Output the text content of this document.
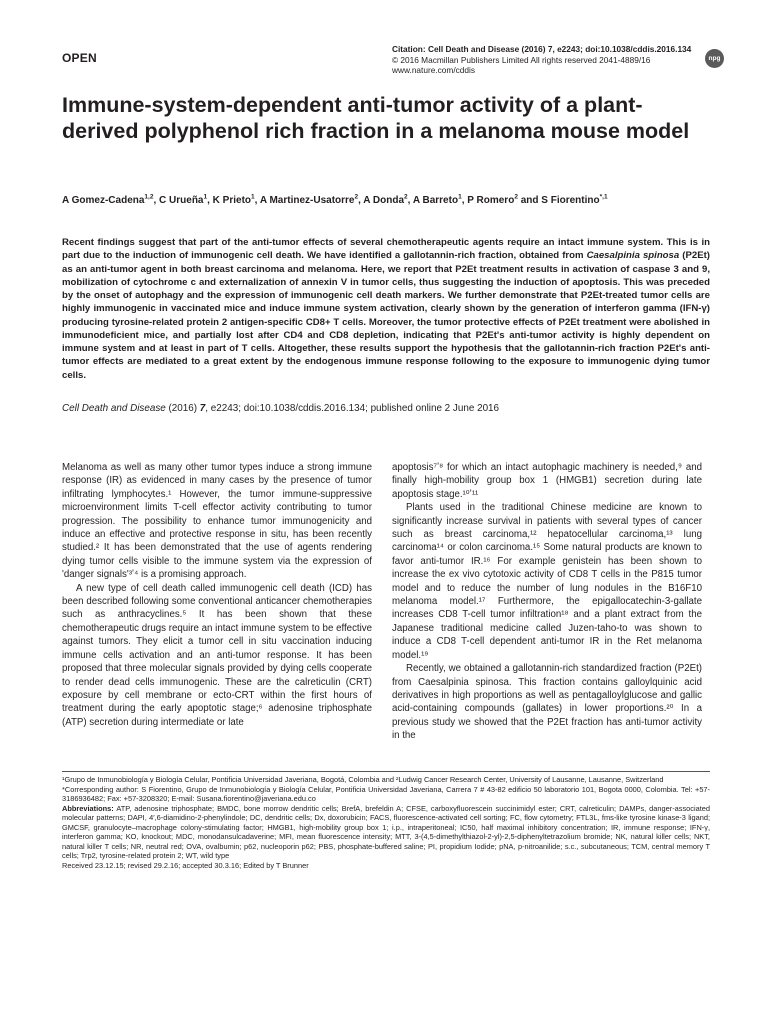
OPEN
Citation: Cell Death and Disease (2016) 7, e2243; doi:10.1038/cddis.2016.134
© 2016 Macmillan Publishers Limited All rights reserved 2041-4889/16
www.nature.com/cddis
npg
Immune-system-dependent anti-tumor activity of a plant-derived polyphenol rich fraction in a melanoma mouse model
A Gomez-Cadena$^{1,2}$, C Urueña$^1$, K Prieto$^1$, A Martinez-Usatorre$^2$, A Donda$^2$, A Barreto$^1$, P Romero$^2$ and S Fiorentino$^{*,1}$
Recent findings suggest that part of the anti-tumor effects of several chemotherapeutic agents require an intact immune system. This is in part due to the induction of immunogenic cell death. We have identified a gallotannin-rich fraction, obtained from Caesalpinia spinosa (P2Et) as an anti-tumor agent in both breast carcinoma and melanoma. Here, we report that P2Et treatment results in activation of caspase 3 and 9, mobilization of cytochrome c and externalization of annexin V in tumor cells, thus suggesting the induction of apoptosis. This was preceded by the onset of autophagy and the expression of immunogenic cell death markers. We further demonstrate that P2Et-treated tumor cells are highly immunogenic in vaccinated mice and induce immune system activation, clearly shown by the generation of interferon gamma (IFN-γ) producing tyrosine-related protein 2 antigen-specific CD8+ T cells. Moreover, the tumor protective effects of P2Et treatment were abolished in immunodeficient mice, and partially lost after CD4 and CD8 depletion, indicating that P2Et's anti-tumor activity is highly dependent on immune system and at least in part of T cells. Altogether, these results support the hypothesis that the gallotannin-rich fraction P2Et's anti-tumor effects are mediated to a great extent by the endogenous immune response following to the exposure to immunogenic dying tumor cells.
Cell Death and Disease (2016) 7, e2243; doi:10.1038/cddis.2016.134; published online 2 June 2016

Melanoma as well as many other tumor types induce a strong immune response (IR) as evidenced in many cases by the presence of tumor infiltrating lymphocytes.¹ However, the tumor immune-suppressive microenvironment limits T-cell effector activity contributing to tumor progression. The possibility to enhance tumor immunogenicity and induce an effective and protective response in situ, has been recently studied.² It has been demonstrated that the use of agents rendering dying tumor cells visible to the immune system via the expression of 'danger signals'³ʼ⁴ is a promising approach.

A new type of cell death called immunogenic cell death (ICD) has been described following some conventional anticancer chemotherapies such as anthracyclines.⁵ It has been shown that these chemotherapeutic drugs require an intact immune system to be effective against tumors. They elicit a tumor cell in situ vaccination inducing immune cells activation and an anti-tumor response. It has been proposed that three molecular signals provided by dying cells cooperate to render dead cells immunogenic. These are the calreticulin (CRT) exposure by cell membrane or ecto-CRT within the first hours of treatment during the early apoptotic stage;⁶ adenosine triphosphate (ATP) secretion during intermediate or late

apoptosis⁷ʼ⁸ for which an intact autophagic machinery is needed,⁹ and finally high-mobility group box 1 (HMGB1) secretion during late apoptosis stage.¹⁰ʼ¹¹

Plants used in the traditional Chinese medicine are known to significantly increase survival in patients with several types of cancer such as breast carcinoma,¹² hepatocellular carcinoma,¹³ lung carcinoma¹⁴ or colon carcinoma.¹⁵ Some natural products are known to favor anti-tumor IR.¹⁶ For example genistein has been shown to increase the ex vivo cytotoxic activity of CD8 T cells in the P815 tumor model and to reduce the number of lung nodules in the B16F10 melanoma model.¹⁷ Furthermore, the epigallocatechin-3-gallate increases CD8 T-cell tumor infiltration¹⁸ and a plant extract from the Japanese traditional medicine called Juzen-taho-to was shown to induce a CD8 T-cell dependent anti-tumor IR in the Ret melanoma model.¹⁹

Recently, we obtained a gallotannin-rich standardized fraction (P2Et) from Caesalpinia spinosa. This fraction contains galloylquinic acid derivatives in high proportions as well as pentagalloylglucose and gallic acid-containing compounds (gallates) in lower proportions.²⁰ In a previous study we showed that the P2Et fraction has anti-tumor activity in the

¹Grupo de Inmunobiología y Biología Celular, Pontificia Universidad Javeriana, Bogotá, Colombia and ²Ludwig Cancer Research Center, University of Lausanne, Lausanne, Switzerland

*Corresponding author: S Fiorentino, Grupo de Inmunobiología y Biología Celular, Pontificia Universidad Javeriana, Carrera 7 # 43-82 edificio 50 laboratorio 101, Bogota 0000, Colombia. Tel: +57-3186936482; Fax: +57-3208320; E-mail: Susana.fiorentino@javeriana.edu.co

Abbreviations: ATP, adenosine triphosphate; BMDC, bone morrow dendritic cells; BrefA, brefeldin A; CFSE, carboxyfluorescein succinimidyl ester; CRT, calreticulin; DAMPs, danger-associated molecular patterns; DAPI, 4′,6-diamidino-2-phenylindole; DC, dendritic cells; Dx, doxorubicin; FACS, fluorescence-activated cell sorting; FC, flow cytometry; FTL3L, fms-like tyrosine kinase-3 ligand; GMCSF, granulocyte–macrophage colony-stimulating factor; HMGB1, high-mobility group box 1; i.p., intraperitoneal; IC50, half maximal inhibitory concentration; IR, immune response; IFN-γ, interferon gamma; KO, knockout; MDC, monodansulcadaverine; MFI, mean fluorescence intensity; MTT, 3-(4,5-dimethylthiazol-2-yl)-2,5-diphenyltetrazolium bromide; NK, natural killer cells; NKT, natural killer T cells; NR, neutral red; OVA, ovalbumin; p62, nucleoporin p62; PBS, phosphate-buffered saline; PI, propidium Iodide; pNA, p-nitroanilide; s.c., subcutaneous; TCM, central memory T cells; Trp2, tyrosine-related protein 2; WT, wild type

Received 23.12.15; revised 29.2.16; accepted 30.3.16; Edited by T Brunner
